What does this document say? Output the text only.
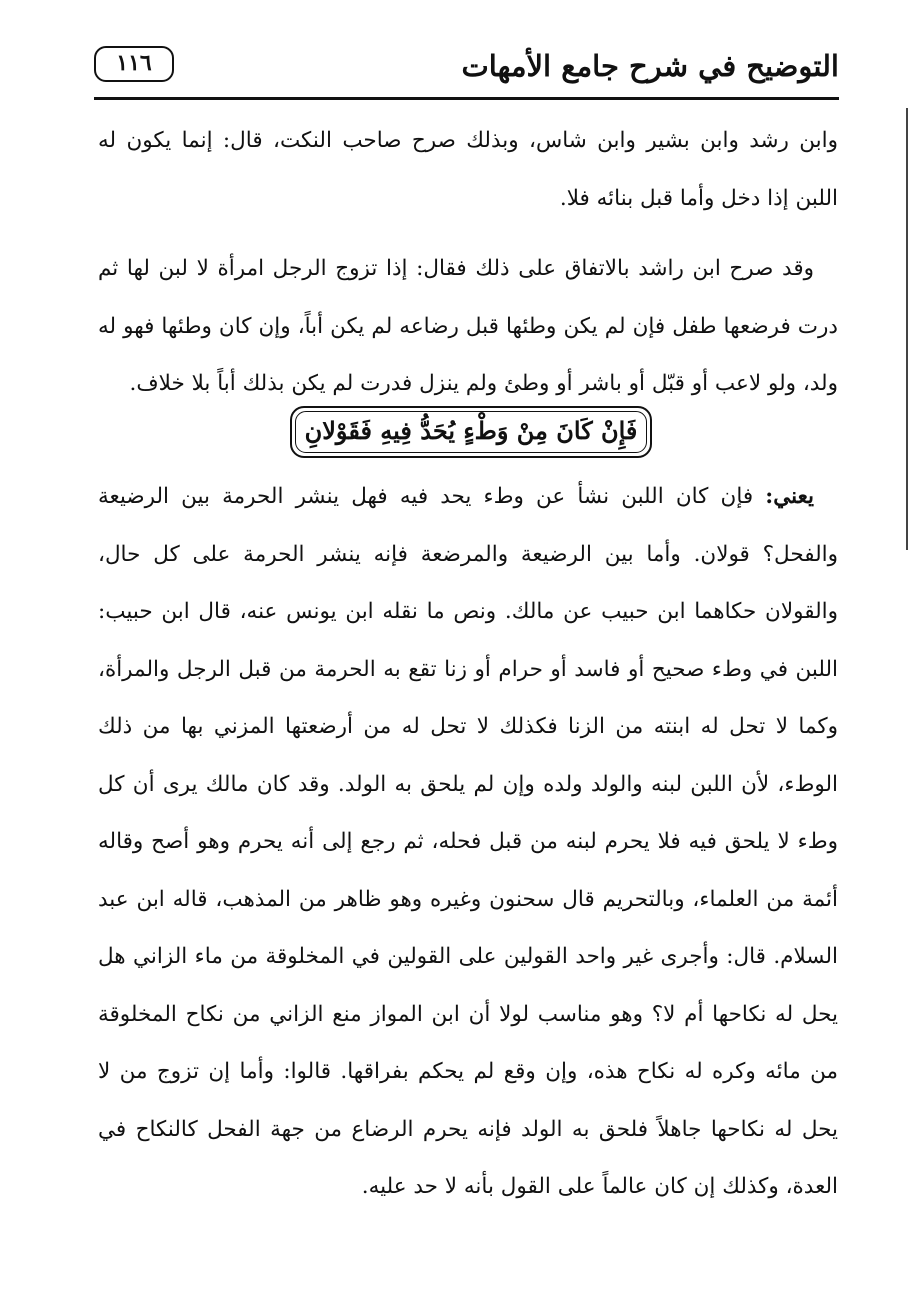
التوضيح في شرح جامع الأمهات
١١٦
وابن رشد وابن بشير وابن شاس، وبذلك صرح صاحب النكت، قال: إنما يكون له اللبن إذا دخل وأما قبل بنائه فلا.
وقد صرح ابن راشد بالاتفاق على ذلك فقال: إذا تزوج الرجل امرأة لا لبن لها ثم درت فرضعها طفل فإن لم يكن وطئها قبل رضاعه لم يكن أباً، وإن كان وطئها فهو له ولد، ولو لاعب أو قبّل أو باشر أو وطئ ولم ينزل فدرت لم يكن بذلك أباً بلا خلاف.
فَإِنْ كَانَ مِنْ وَطْءٍ يُحَدُّ فِيهِ فَقَوْلانِ
يعني: فإن كان اللبن نشأ عن وطء يحد فيه فهل ينشر الحرمة بين الرضيعة والفحل؟ قولان. وأما بين الرضيعة والمرضعة فإنه ينشر الحرمة على كل حال، والقولان حكاهما ابن حبيب عن مالك. ونص ما نقله ابن يونس عنه، قال ابن حبيب: اللبن في وطء صحيح أو فاسد أو حرام أو زنا تقع به الحرمة من قبل الرجل والمرأة، وكما لا تحل له ابنته من الزنا فكذلك لا تحل له من أرضعتها المزني بها من ذلك الوطء، لأن اللبن لبنه والولد ولده وإن لم يلحق به الولد. وقد كان مالك يرى أن كل وطء لا يلحق فيه فلا يحرم لبنه من قبل فحله، ثم رجع إلى أنه يحرم وهو أصح وقاله أئمة من العلماء، وبالتحريم قال سحنون وغيره وهو ظاهر من المذهب، قاله ابن عبد السلام. قال: وأجرى غير واحد القولين على القولين في المخلوقة من ماء الزاني هل يحل له نكاحها أم لا؟ وهو مناسب لولا أن ابن المواز منع الزاني من نكاح المخلوقة من مائه وكره له نكاح هذه، وإن وقع لم يحكم بفراقها. قالوا: وأما إن تزوج من لا يحل له نكاحها جاهلاً فلحق به الولد فإنه يحرم الرضاع من جهة الفحل كالنكاح في العدة، وكذلك إن كان عالماً على القول بأنه لا حد عليه.
